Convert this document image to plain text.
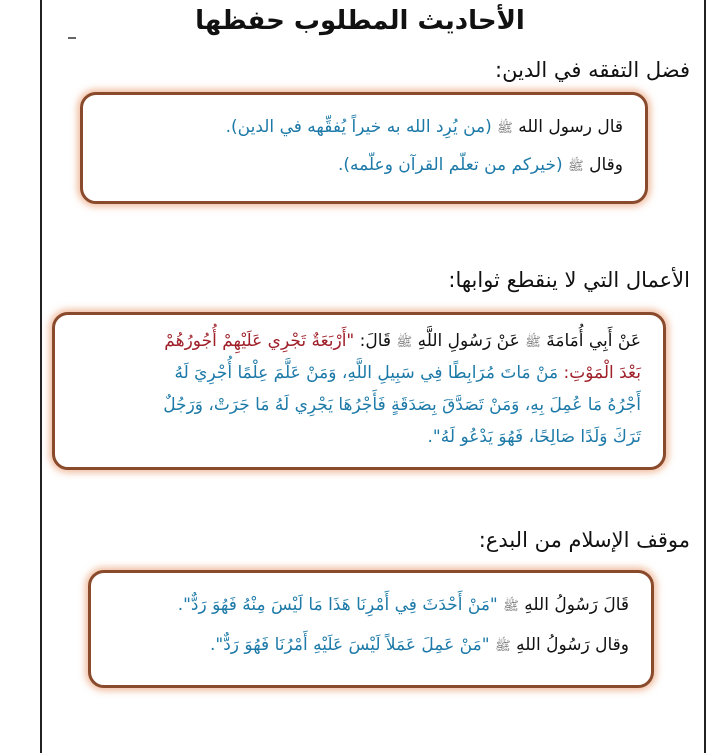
الأحاديث المطلوب حفظها
فضل التفقه في الدين:
قال رسول الله ﷺ (من يُرِد الله به خيراً يُفقِّهه في الدين).
وقال ﷺ (خيركم من تعلّم القرآن وعلّمه).
الأعمال التي لا ينقطع ثوابها:
عَنْ أَبِي أُمَامَةَ ﷺ عَنْ رَسُولِ اللَّهِ ﷺ قَالَ: "أَرْبَعَةٌ تَجْرِي عَلَيْهِمْ أُجُورُهُمْ
بَعْدَ الْمَوْتِ: مَنْ مَاتَ مُرَابِطًا فِي سَبِيلِ اللَّهِ، وَمَنْ عَلَّمَ عِلْمًا أُجْرِيَ لَهُ
أَجْرُهُ مَا عُمِلَ بِهِ، وَمَنْ تَصَدَّقَ بِصَدَقَةٍ فَأَجْرُهَا يَجْرِي لَهُ مَا جَرَتْ، وَرَجُلٌ
تَرَكَ وَلَدًا صَالِحًا، فَهُوَ يَدْعُو لَهُ".
موقف الإسلام من البدع:
قَالَ رَسُولُ اللهِ ﷺ "مَنْ أَحْدَثَ فِي أَمْرِنَا هَذَا مَا لَيْسَ مِنْهُ فَهُوَ رَدٌّ".
وقال رَسُولُ اللهِ ﷺ "مَنْ عَمِلَ عَمَلاً لَيْسَ عَلَيْهِ أَمْرُنَا فَهُوَ رَدٌّ".
